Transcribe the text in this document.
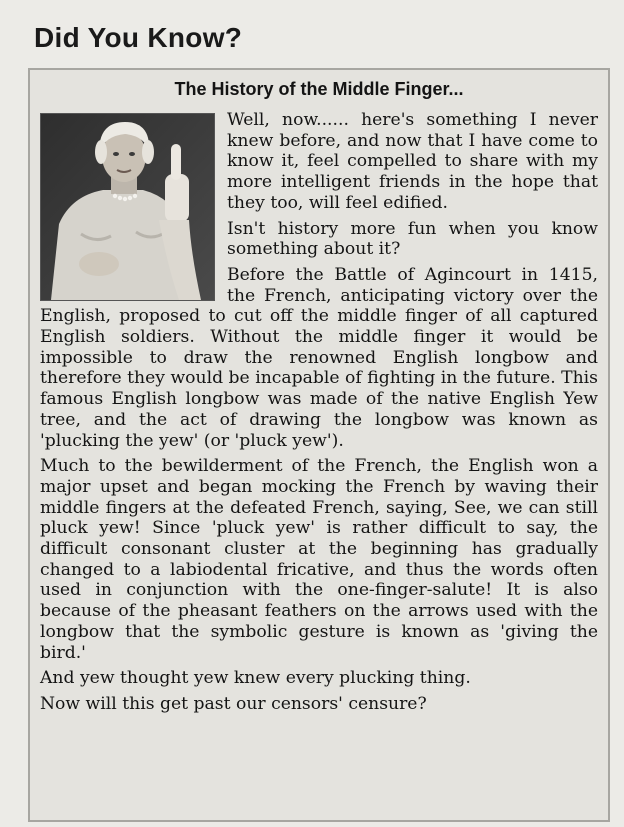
Did You Know?
The History of the Middle Finger...

Well, now...... here's something I never knew before, and now that I have come to know it, feel compelled to share with my more intelligent friends in the hope that they too, will feel edified.

Isn't history more fun when you know something about it?

Before the Battle of Agincourt in 1415, the French, anticipating victory over the English, proposed to cut off the middle finger of all captured English soldiers. Without the middle finger it would be impossible to draw the renowned English longbow and therefore they would be incapable of fighting in the future. This famous English longbow was made of the native English Yew tree, and the act of drawing the longbow was known as 'plucking the yew' (or 'pluck yew').

Much to the bewilderment of the French, the English won a major upset and began mocking the French by waving their middle fingers at the defeated French, saying, See, we can still pluck yew! Since 'pluck yew' is rather difficult to say, the difficult consonant cluster at the beginning has gradually changed to a labiodental fricative, and thus the words often used in conjunction with the one-finger-salute! It is also because of the pheasant feathers on the arrows used with the longbow that the symbolic gesture is known as 'giving the bird.'

And yew thought yew knew every plucking thing.

Now will this get past our censors' censure?
